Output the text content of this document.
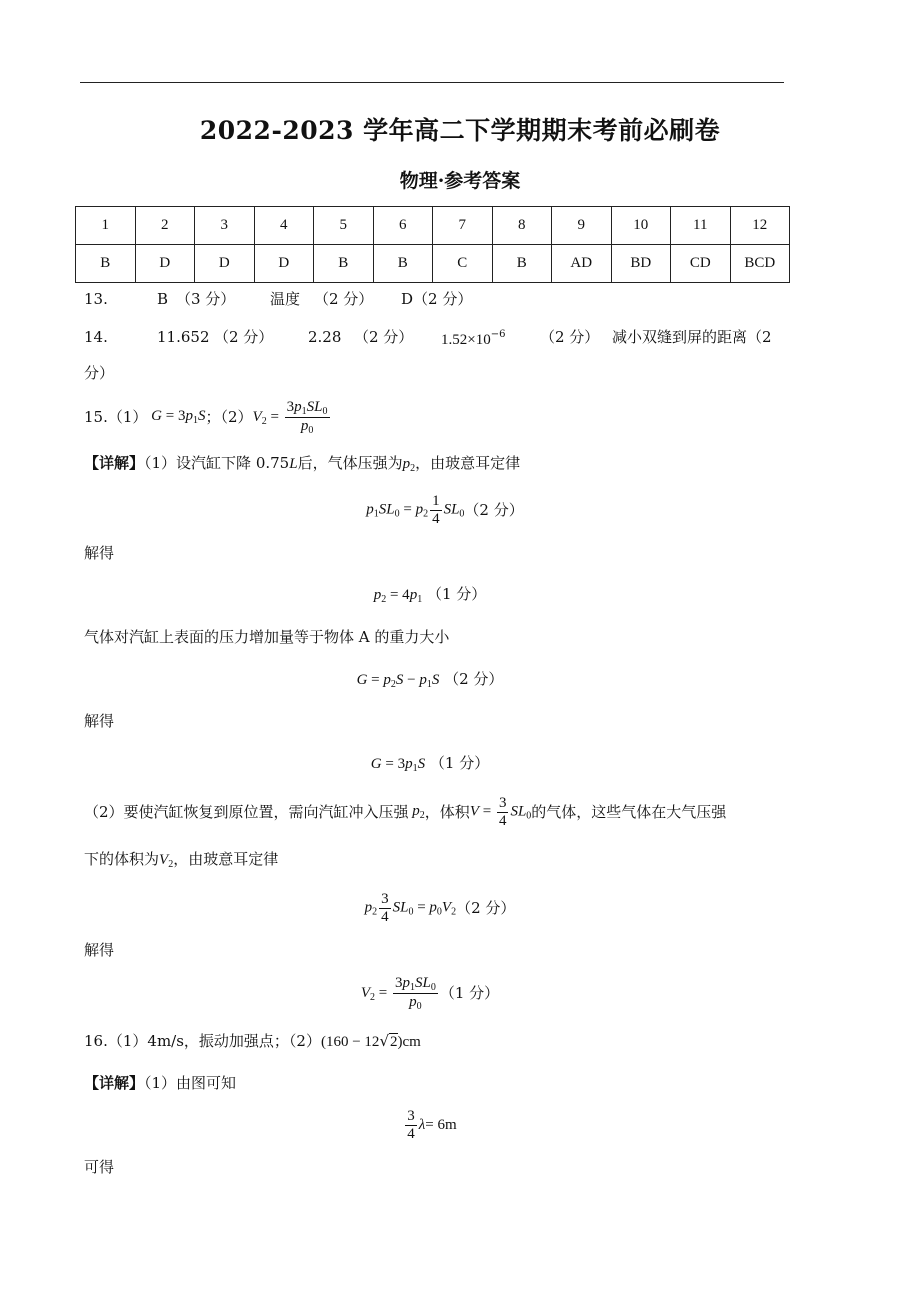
2022-2023 学年高二下学期期末考前必刷卷
物理·参考答案
1	2	3	4	5	6	7	8	9	10	11	12
B	D	D	D	B	B	C	B	AD	BD	CD	BCD
13.	B （3 分） 温度 （2 分） D（2 分）
14.	11.652 （2 分） 2.28 （2 分） $1.52\times 10^{-6}$ （2 分） 减小双缝到屏的距离（2
分）
15.（1） $G = 3p_1S$ ；（2） $V_2 = \frac{3p_1SL_0}{p_0}$
【详解】（1）设汽缸下降 0.75L后，气体压强为$p_2$，由玻意耳定律
$p_1SL_0 = p_2 \frac{1}{4} SL_0$ （2 分）
解得
$p_2 = 4p_1$ （1 分）
气体对汽缸上表面的压力增加量等于物体 A 的重力大小
$G = p_2S - p_1S$ （2 分）
解得
$G = 3p_1S$ （1 分）
（2）要使汽缸恢复到原位置，需向汽缸冲入压强 $p_2$ ，体积 $V = \frac{3}{4} SL_0$ 的气体，这些气体在大气压强
下的体积为$V_2$，由玻意耳定律
$p_2 \frac{3}{4} SL_0 = p_0V_2$ （2 分）
解得
$V_2 = \frac{3p_1SL_0}{p_0} (1$ 分）
16.（1）4m/s，振动加强点；（2）(160 − 12√2)cm
【详解】（1）由图可知
$\frac{3}{4}$ λ = 6m
可得
